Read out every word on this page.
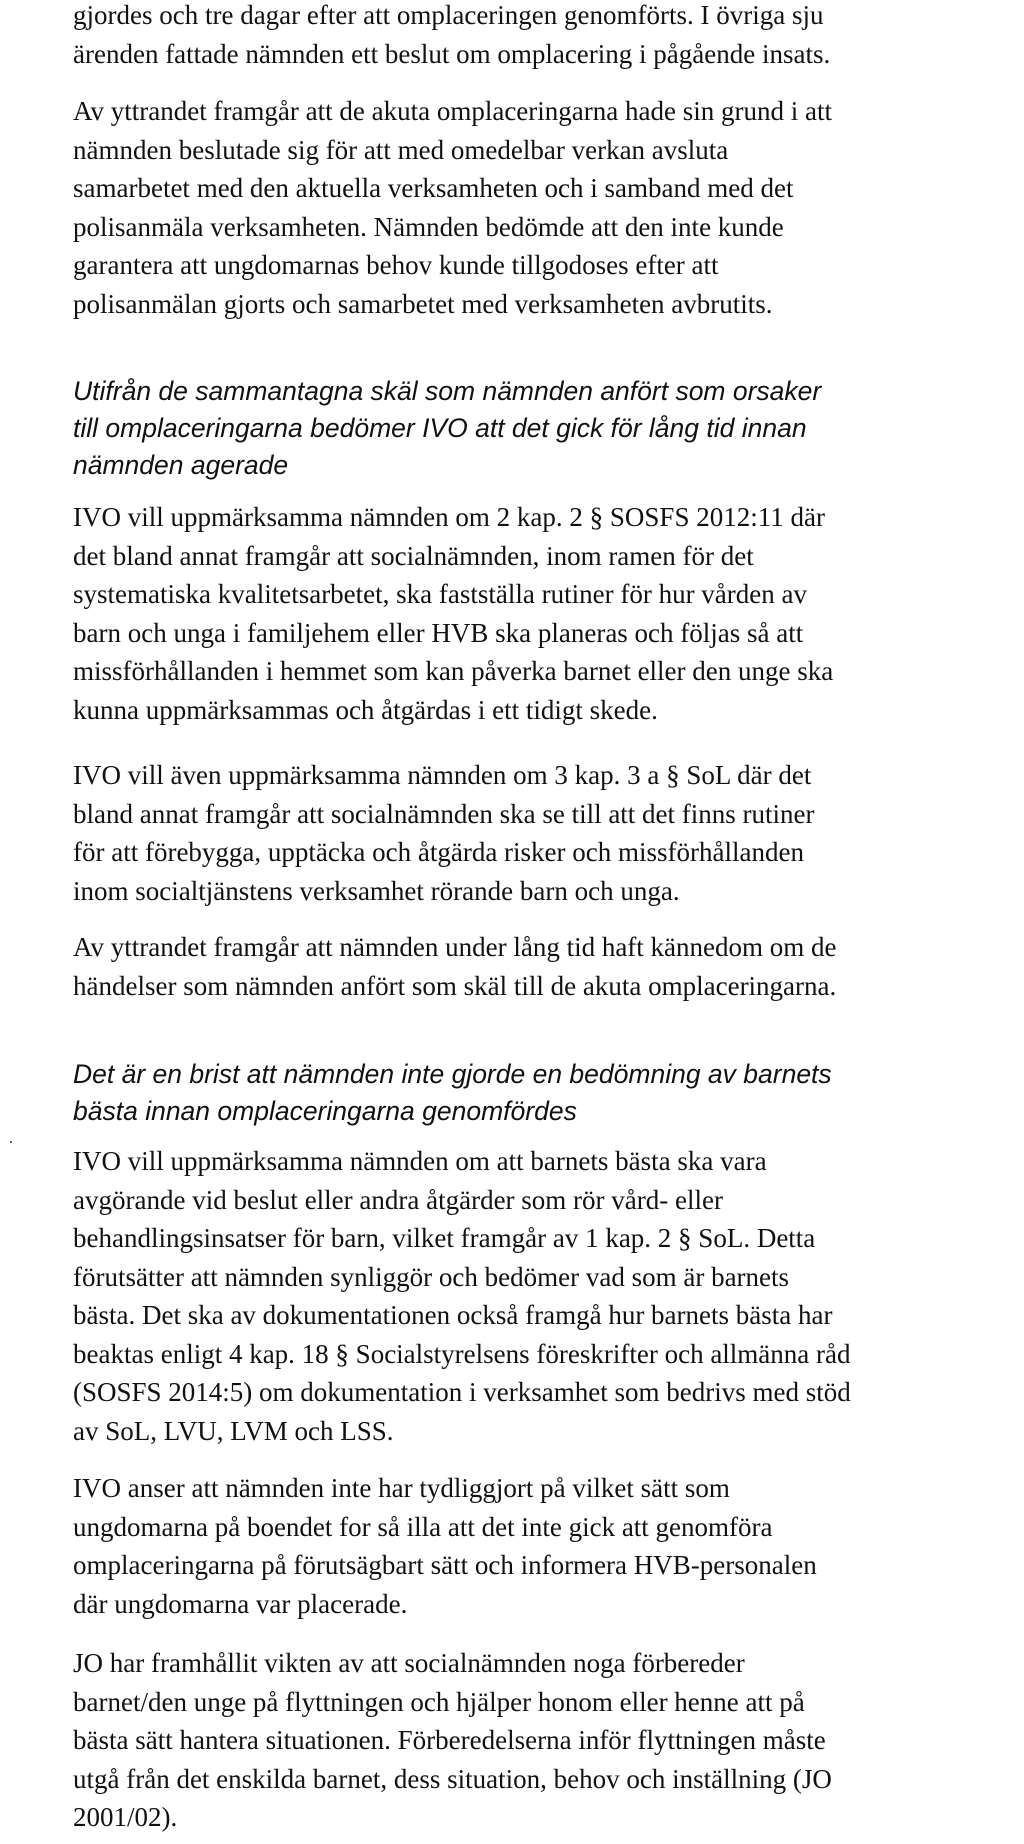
gjordes och tre dagar efter att omplaceringen genomförts. I övriga sju
ärenden fattade nämnden ett beslut om omplacering i pågående insats.
Av yttrandet framgår att de akuta omplaceringarna hade sin grund i att
nämnden beslutade sig för att med omedelbar verkan avsluta
samarbetet med den aktuella verksamheten och i samband med det
polisanmäla verksamheten. Nämnden bedömde att den inte kunde
garantera att ungdomarnas behov kunde tillgodoses efter att
polisanmälan gjorts och samarbetet med verksamheten avbrutits.
Utifrån de sammantagna skäl som nämnden anfört som orsaker
till omplaceringarna bedömer IVO att det gick för lång tid innan
nämnden agerade
IVO vill uppmärksamma nämnden om 2 kap. 2 § SOSFS 2012:11 där
det bland annat framgår att socialnämnden, inom ramen för det
systematiska kvalitetsarbetet, ska fastställa rutiner för hur vården av
barn och unga i familjehem eller HVB ska planeras och följas så att
missförhållanden i hemmet som kan påverka barnet eller den unge ska
kunna uppmärksammas och åtgärdas i ett tidigt skede.
IVO vill även uppmärksamma nämnden om 3 kap. 3 a § SoL där det
bland annat framgår att socialnämnden ska se till att det finns rutiner
för att förebygga, upptäcka och åtgärda risker och missförhållanden
inom socialtjänstens verksamhet rörande barn och unga.
Av yttrandet framgår att nämnden under lång tid haft kännedom om de
händelser som nämnden anfört som skäl till de akuta omplaceringarna.
Det är en brist att nämnden inte gjorde en bedömning av barnets
bästa innan omplaceringarna genomfördes
IVO vill uppmärksamma nämnden om att barnets bästa ska vara
avgörande vid beslut eller andra åtgärder som rör vård- eller
behandlingsinsatser för barn, vilket framgår av 1 kap. 2 § SoL. Detta
förutsätter att nämnden synliggör och bedömer vad som är barnets
bästa. Det ska av dokumentationen också framgå hur barnets bästa har
beaktas enligt 4 kap. 18 § Socialstyrelsens föreskrifter och allmänna råd
(SOSFS 2014:5) om dokumentation i verksamhet som bedrivs med stöd
av SoL, LVU, LVM och LSS.
IVO anser att nämnden inte har tydliggjort på vilket sätt som
ungdomarna på boendet for så illa att det inte gick att genomföra
omplaceringarna på förutsägbart sätt och informera HVB-personalen
där ungdomarna var placerade.
JO har framhållit vikten av att socialnämnden noga förbereder
barnet/den unge på flyttningen och hjälper honom eller henne att på
bästa sätt hantera situationen. Förberedelserna inför flyttningen måste
utgå från det enskilda barnet, dess situation, behov och inställning (JO
2001/02).
